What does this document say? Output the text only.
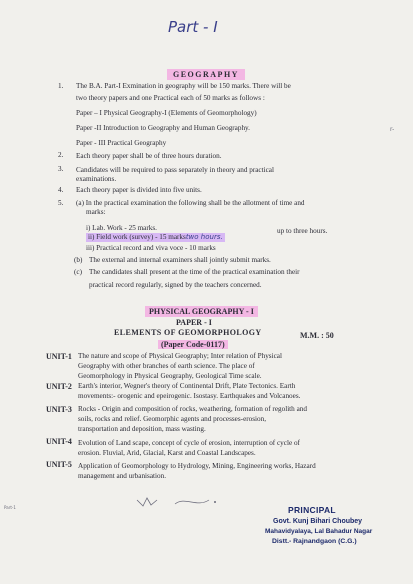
Part - I
GEOGRAPHY
1. The B.A. Part-I Exmination in geography will be 150 marks. There will be
two theory papers and one Practical each of 50 marks as follows :
Paper – I Physical Geography-I (Elements of Geomorphology)
Paper -II Introduction to Geography and Human Geography.
Paper - III Practical Geography
2. Each theory paper shall be of three hours duration.
3. Candidates will be required to pass separately in theory and practical
examinations.
4. Each theory paper is divided into five units.
5. (a) In the practical examination the following shall be the allotment of time and
marks:
i) Lab. Work - 25 marks.
ii) Field work (survey) - 15 markstwo hours.
iii) Practical record and viva voce - 10 marks
up to three hours.
(b) The external and internal examiners shall jointly submit marks.
(c) The candidates shall present at the time of the practical examination their
practical record regularly, signed by the teachers concerned.
PHYSICAL GEOGRAPHY - I
PAPER - I
ELEMENTS OF GEOMORPHOLOGY	M.M. : 50
(Paper Code-0117)
UNIT-1 The nature and scope of Physical Geography; Inter relation of Physical
Geography with other branches of earth science. The place of
Geomorphology in Physical Geography, Geological Time scale.
UNIT-2 Earth's interior, Wegner's theory of Continental Drift, Plate Tectonics. Earth
movements:- orogenic and epeirogenic. Isostasy. Earthquakes and Volcanoes.
UNIT-3 Rocks - Origin and composition of rocks, weathering, formation of regolith and
soils, rocks and relief. Geomorphic agents and processes-erosion,
transportation and deposition, mass wasting.
UNIT-4 Evolution of Land scape, concept of cycle of erosion, interruption of cycle of
erosion. Fluvial, Arid, Glacial, Karst and Coastal Landscapes.
UNIT-5 Application of Geomorphology to Hydrology, Mining, Engineering works, Hazard
management and urbanisation.
PRINCIPAL
Govt. Kunj Bihari Choubey
Mahavidyalaya, Lal Bahadur Nagar
Distt.- Rajnandgaon (C.G.)
Part-1
r-
